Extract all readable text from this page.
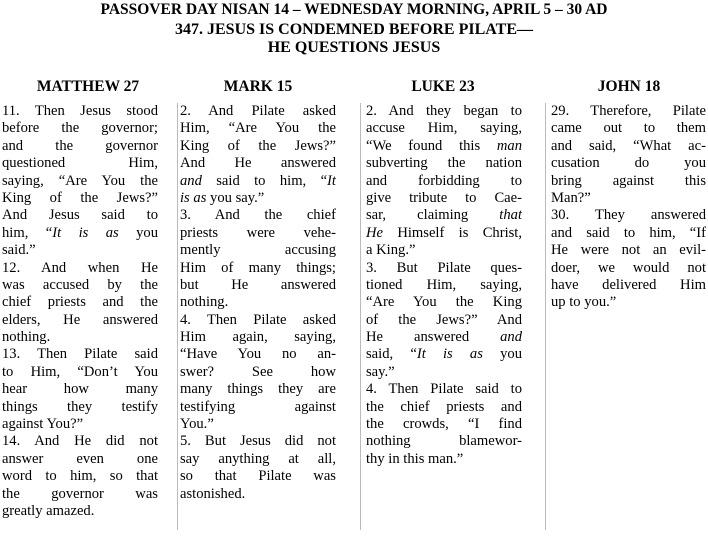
PASSOVER DAY NISAN 14 – WEDNESDAY MORNING, APRIL 5 – 30 AD
347. JESUS IS CONDEMNED BEFORE PILATE—
HE QUESTIONS JESUS
MATTHEW 27	MARK 15	LUKE 23	JOHN 18
11. Then Jesus stood
before the governor;
and the governor
questioned Him,
saying, “Are You the
King of the Jews?”
And Jesus said to
him, “It is as you
said.”
12. And when He
was accused by the
chief priests and the
elders, He answered
nothing.
13. Then Pilate said
to Him, “Don’t You
hear how many
things they testify
against You?”
14. And He did not
answer even one
word to him, so that
the governor was
greatly amazed.
2. And Pilate asked
Him, “Are You the
King of the Jews?”
And He answered
and said to him, “It
is as you say.”
3. And the chief
priests were vehe-
mently accusing
Him of many things;
but He answered
nothing.
4. Then Pilate asked
Him again, saying,
“Have You no an-
swer? See how
many things they are
testifying against
You.”
5. But Jesus did not
say anything at all,
so that Pilate was
astonished.
2. And they began to
accuse Him, saying,
“We found this man
subverting the nation
and forbidding to
give tribute to Cae-
sar, claiming that
He Himself is Christ,
a King.”
3. But Pilate ques-
tioned Him, saying,
“Are You the King
of the Jews?” And
He answered and
said, “It is as you
say.”
4. Then Pilate said to
the chief priests and
the crowds, “I find
nothing blamewor-
thy in this man.”
29. Therefore, Pilate
came out to them
and said, “What ac-
cusation do you
bring against this
Man?”
30. They answered
and said to him, “If
He were not an evil-
doer, we would not
have delivered Him
up to you.”
